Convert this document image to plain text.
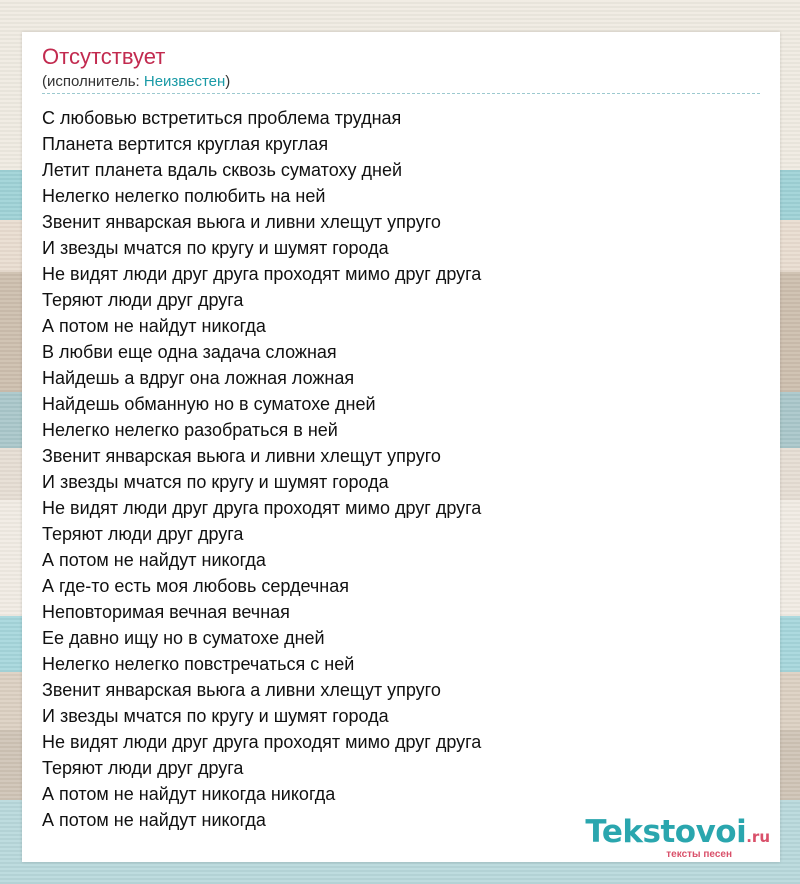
Отсутствует
(исполнитель: Неизвестен)
С любовью встретиться проблема трудная
Планета вертится круглая круглая
Летит планета вдаль сквозь суматоху дней
Нелегко нелегко полюбить на ней
Звенит январская вьюга и ливни хлещут упруго
И звезды мчатся по кругу и шумят города
Не видят люди друг друга проходят мимо друг друга
Теряют люди друг друга
А потом не найдут никогда
В любви еще одна задача сложная
Найдешь а вдруг она ложная ложная
Найдешь обманную но в суматохе дней
Нелегко нелегко разобраться в ней
Звенит январская вьюга и ливни хлещут упруго
И звезды мчатся по кругу и шумят города
Не видят люди друг друга проходят мимо друг друга
Теряют люди друг друга
А потом не найдут никогда
А где-то есть моя любовь сердечная
Неповторимая вечная вечная
Ее давно ищу но в суматохе дней
Нелегко нелегко повстречаться с ней
Звенит январская вьюга а ливни хлещут упруго
И звезды мчатся по кругу и шумят города
Не видят люди друг друга проходят мимо друг друга
Теряют люди друг друга
А потом не найдут никогда никогда
А потом не найдут никогда	Tekstovoi.ru
тексты песен
